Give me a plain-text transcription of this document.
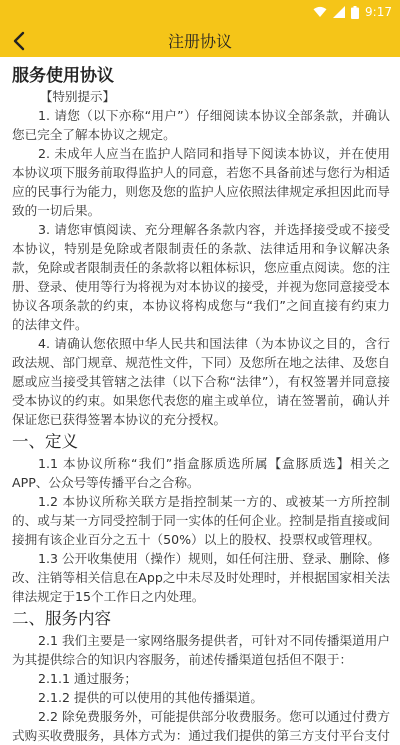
9:17
注册协议
服务使用协议
【特别提示】

1. 请您（以下亦称“用户”）仔细阅读本协议全部条款，并确认您已完全了解本协议之规定。

2. 未成年人应当在监护人陪同和指导下阅读本协议，并在使用本协议项下服务前取得监护人的同意，若您不具备前述与您行为相适应的民事行为能力，则您及您的监护人应依照法律规定承担因此而导致的一切后果。

3. 请您审慎阅读、充分理解各条款内容，并选择接受或不接受本协议，特别是免除或者限制责任的条款、法律适用和争议解决条款，免除或者限制责任的条款将以粗体标识，您应重点阅读。您的注册、登录、使用等行为将视为对本协议的接受，并视为您同意接受本协议各项条款的约束，本协议将构成您与“我们”之间直接有约束力的法律文件。

4. 请确认您依照中华人民共和国法律（为本协议之目的，含行政法规、部门规章、规范性文件，下同）及您所在地之法律、及您自愿或应当接受其管辖之法律（以下合称“法律”），有权签署并同意接受本协议的约束。如果您代表您的雇主或单位，请在签署前，确认并保证您已获得签署本协议的充分授权。

一、定义

1.1 本协议所称“我们”指盒豚质选所属【盒豚质选】相关之APP、公众号等传播平台之合称。

1.2 本协议所称关联方是指控制某一方的、或被某一方所控制的、或与某一方同受控制于同一实体的任何企业。控制是指直接或间接拥有该企业百分之五十（50%）以上的股权、投票权或管理权。

1.3 公开收集使用（操作）规则，如任何注册、登录、删除、修改、注销等相关信息在App之中未尽及时处理时，并根据国家相关法律法规定于15个工作日之内处理。

二、服务内容

2.1 我们主要是一家网络服务提供者，可针对不同传播渠道用户为其提供综合的知识内容服务，前述传播渠道包括但不限于：

2.1.1 通过服务；

2.1.2 提供的可以使用的其他传播渠道。

2.2 除免费服务外，可能提供部分收费服务。您可以通过付费方式购买收费服务，具体方式为：通过我们提供的第三方支付平台支付
